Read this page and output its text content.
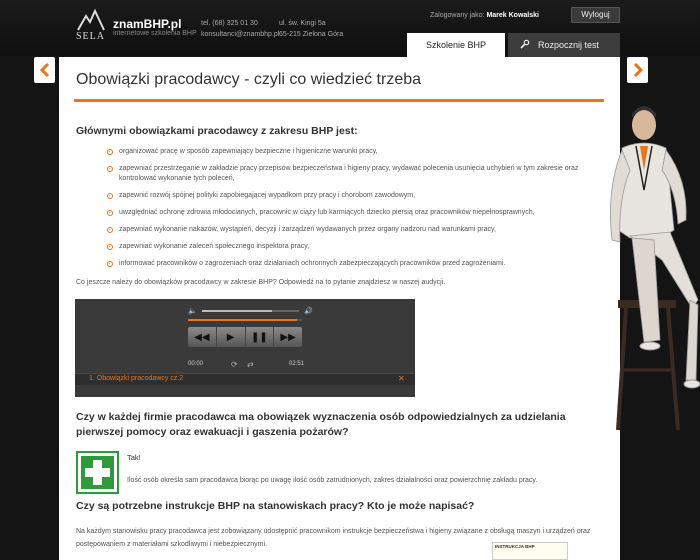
SELA
znamBHP.pl
internetowe szkolenia BHP
tel. (68) 325 01 30
konsultanci@znambhp.pl
ul. św. Kingi 5a
65-215 Zielona Góra
Zalogowany jako: Marek Kowalski	Wyloguj
Szkolenie BHP	Rozpocznij test
Obowiązki pracodawcy - czyli co wiedzieć trzeba
Głównymi obowiązkami pracodawcy z zakresu BHP jest:
organizować pracę w sposób zapewniający bezpieczne i higieniczne warunki pracy,
zapewniać przestrzeganie w zakładzie pracy przepisów bezpieczeństwa i higieny pracy, wydawać polecenia usunięcia uchybień w tym zakresie oraz kontrolować wykonanie tych poleceń,
zapewnić rozwój spójnej polityki zapobiegającej wypadkom przy pracy i chorobom zawodowym,
uwzględniać ochronę zdrowia młodocianych, pracownic w ciąży lub karmiących dziecko piersią oraz pracowników niepełnosprawnych,
zapewniać wykonanie nakazów, wystąpień, decyzji i zarządzeń wydawanych przez organy nadzoru nad warunkami pracy,
zapewniać wykonanie zaleceń społecznego inspektora pracy,
informować pracowników o zagrożeniach oraz działaniach ochronnych zabezpieczających pracowników przed zagrożeniami.
Co jeszcze należy do obowiązków pracodawcy w zakresie BHP? Odpowiedź na to pytanie znajdziesz w naszej audycji.
🔈	🔊
◀◀ ▶ ❚❚ ▶▶
00:00	⟳ ⇄	02:51
1. Obowiązki pracodawcy cz.2	✕
Czy w każdej firmie pracodawca ma obowiązek wyznaczenia osób odpowiedzialnych za udzielania pierwszej pomocy oraz ewakuacji i gaszenia pożarów?
Tak!
Ilość osób określa sam pracodawca biorąc po uwagę ilość osób zatrudnionych, zakres działalności oraz powierzchnię zakładu pracy.
Czy są potrzebne instrukcje BHP na stanowiskach pracy? Kto je może napisać?
Na każdym stanowisku pracy pracodawca jest zobowiązany udostępnić pracownikom instrukcje bezpieczeństwa i higieny związane z obsługą maszyn i urządzeń oraz postępowaniem z materiałami szkodliwymi i niebezpiecznymi.	INSTRUKCJA BHP
